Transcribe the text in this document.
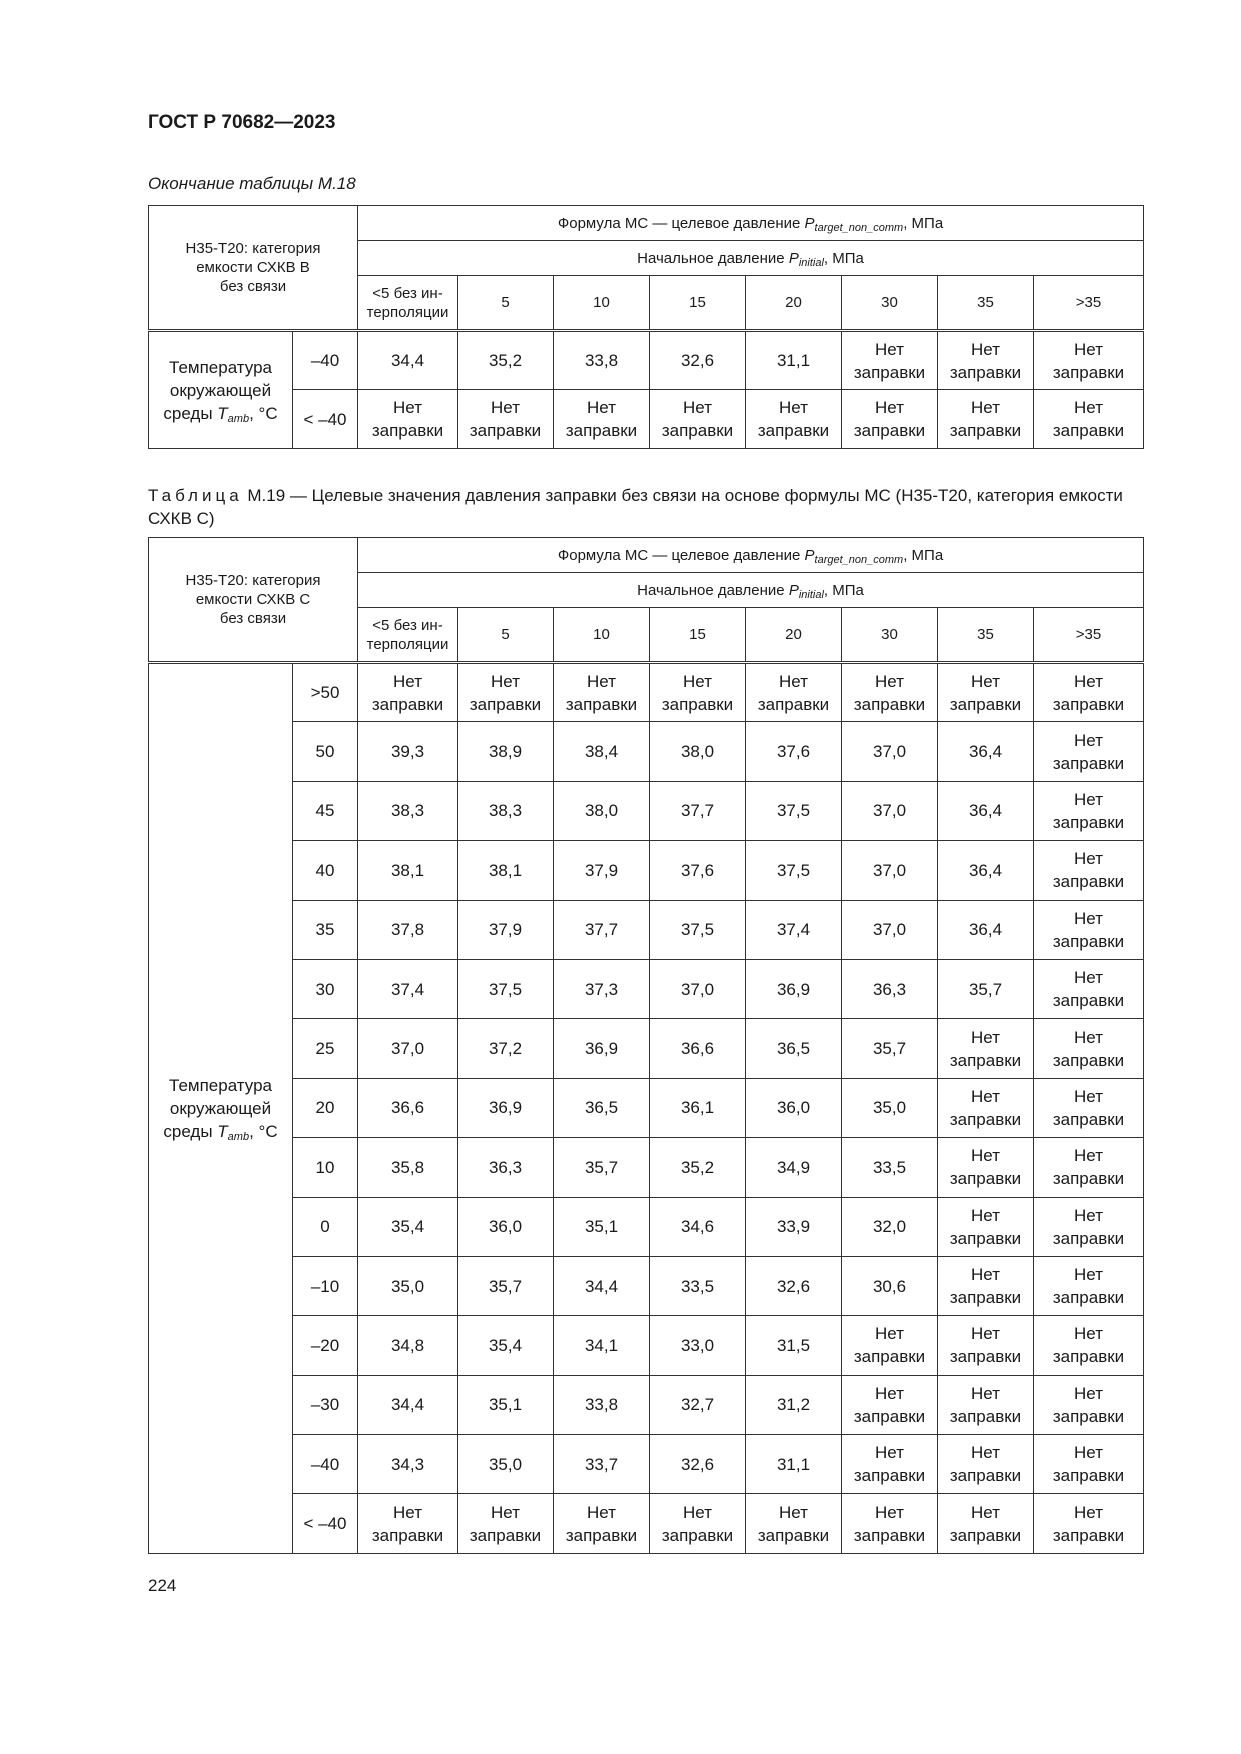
ГОСТ Р 70682—2023
Окончание таблицы М.18
Н35-Т20: категория
емкости СХКВ В
без связи		Формула МС — целевое давление $P_{target\_non\_comm}$, МПа							
		Начальное давление $P_{initial}$, МПа							
		<5 без ин-
терполяции	5	10	15	20	30	35	>35
Температура
окружающей
среды $T_{amb}$, °С	–40	34,4	35,2	33,8	32,6	31,1	Нет
заправки	Нет
заправки	Нет
заправки
	< –40	Нет
заправки	Нет
заправки	Нет
заправки	Нет
заправки	Нет
заправки	Нет
заправки	Нет
заправки	Нет
заправки
Таблица М.19 — Целевые значения давления заправки без связи на основе формулы МС (Н35-Т20, категория емкости СХКВ С)
Н35-Т20: категория
емкости СХКВ С
без связи		Формула МС — целевое давление $P_{target\_non\_comm}$, МПа							
		Начальное давление $P_{initial}$, МПа							
		<5 без ин-
терполяции	5	10	15	20	30	35	>35
Температура
окружающей
среды $T_{amb}$, °С	>50	Нет
заправки	Нет
заправки	Нет
заправки	Нет
заправки	Нет
заправки	Нет
заправки	Нет
заправки	Нет
заправки
	50	39,3	38,9	38,4	38,0	37,6	37,0	36,4	Нет
заправки
	45	38,3	38,3	38,0	37,7	37,5	37,0	36,4	Нет
заправки
	40	38,1	38,1	37,9	37,6	37,5	37,0	36,4	Нет
заправки
	35	37,8	37,9	37,7	37,5	37,4	37,0	36,4	Нет
заправки
	30	37,4	37,5	37,3	37,0	36,9	36,3	35,7	Нет
заправки
	25	37,0	37,2	36,9	36,6	36,5	35,7	Нет
заправки	Нет
заправки
	20	36,6	36,9	36,5	36,1	36,0	35,0	Нет
заправки	Нет
заправки
	10	35,8	36,3	35,7	35,2	34,9	33,5	Нет
заправки	Нет
заправки
	0	35,4	36,0	35,1	34,6	33,9	32,0	Нет
заправки	Нет
заправки
	–10	35,0	35,7	34,4	33,5	32,6	30,6	Нет
заправки	Нет
заправки
	–20	34,8	35,4	34,1	33,0	31,5	Нет
заправки	Нет
заправки	Нет
заправки
	–30	34,4	35,1	33,8	32,7	31,2	Нет
заправки	Нет
заправки	Нет
заправки
	–40	34,3	35,0	33,7	32,6	31,1	Нет
заправки	Нет
заправки	Нет
заправки
	< –40	Нет
заправки	Нет
заправки	Нет
заправки	Нет
заправки	Нет
заправки	Нет
заправки	Нет
заправки	Нет
заправки
224
